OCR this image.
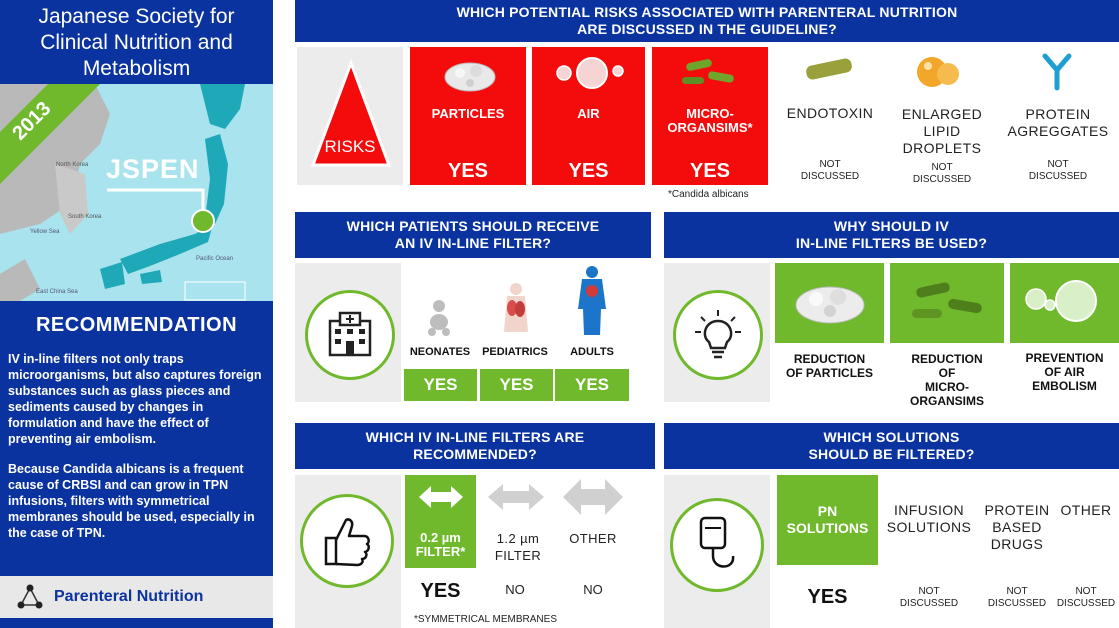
Japanese Society for
Clinical Nutrition and
Metabolism
North Korea
South Korea
Yellow Sea
Pacific Ocean
East China Sea
2013
JSPEN
RECOMMENDATION
IV in-line filters not only traps microorganisms, but also captures foreign substances such as glass pieces and sediments caused by changes in formulation and have the effect of preventing air embolism.
Because Candida albicans is a frequent cause of CRBSI and can grow in TPN infusions, filters with symmetrical membranes should be used, especially in the case of TPN.
Parenteral Nutrition
WHICH POTENTIAL RISKS ASSOCIATED WITH PARENTERAL NUTRITION
ARE DISCUSSED IN THE GUIDELINE?
RISKS
PARTICLES
YES
AIR
YES
MICRO-
ORGANSIMS*
YES
*Candida albicans
ENDOTOXIN
NOT
DISCUSSED
ENLARGED
LIPID
DROPLETS
NOT
DISCUSSED
PROTEIN
AGREGGATES
NOT
DISCUSSED
WHICH PATIENTS SHOULD RECEIVE
AN IV IN-LINE FILTER?
NEONATES	PEDIATRICS	ADULTS
YES	YES	YES
WHY SHOULD IV
IN-LINE FILTERS BE USED?
REDUCTION
OF PARTICLES
REDUCTION
OF
MICRO-
ORGANSIMS
PREVENTION
OF AIR
EMBOLISM
WHICH IV IN-LINE FILTERS ARE
RECOMMENDED?
0.2 µm
FILTER*
1.2 µm
FILTER
OTHER
YES	NO	NO
*SYMMETRICAL MEMBRANES
WHICH SOLUTIONS
SHOULD BE FILTERED?
PN
SOLUTIONS
YES
INFUSION
SOLUTIONS
NOT
DISCUSSED
PROTEIN
BASED
DRUGS
NOT
DISCUSSED
OTHER
NOT
DISCUSSED
